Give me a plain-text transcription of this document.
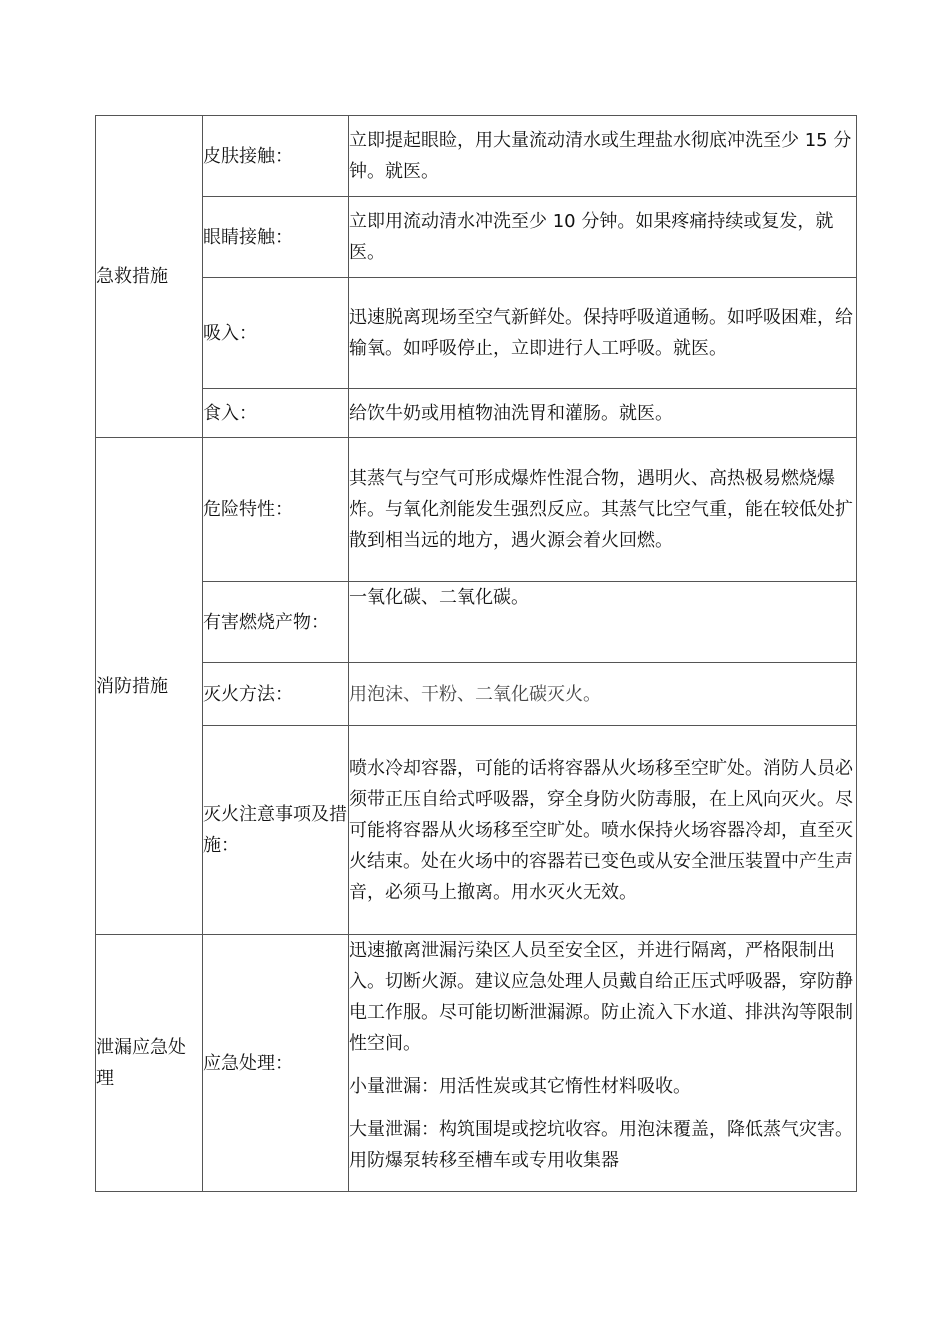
急救措施	皮肤接触：	立即提起眼睑，用大量流动清水或生理盐水彻底冲洗至少 15 分钟。就医。
	眼睛接触：	立即用流动清水冲洗至少 10 分钟。如果疼痛持续或复发，就医。
	吸入：	迅速脱离现场至空气新鲜处。保持呼吸道通畅。如呼吸困难，给输氧。如呼吸停止，立即进行人工呼吸。就医。
	食入：	给饮牛奶或用植物油洗胃和灌肠。就医。
消防措施	危险特性：	其蒸气与空气可形成爆炸性混合物，遇明火、高热极易燃烧爆炸。与氧化剂能发生强烈反应。其蒸气比空气重，能在较低处扩散到相当远的地方，遇火源会着火回燃。
	有害燃烧产物：	一氧化碳、二氧化碳。
	灭火方法：	用泡沫、干粉、二氧化碳灭火。
	灭火注意事项及措施：	喷水冷却容器，可能的话将容器从火场移至空旷处。消防人员必须带正压自给式呼吸器，穿全身防火防毒服，在上风向灭火。尽可能将容器从火场移至空旷处。喷水保持火场容器冷却，直至灭火结束。处在火场中的容器若已变色或从安全泄压装置中产生声音，必须马上撤离。用水灭火无效。
泄漏应急处理	应急处理：	迅速撤离泄漏污染区人员至安全区，并进行隔离，严格限制出入。切断火源。建议应急处理人员戴自给正压式呼吸器，穿防静电工作服。尽可能切断泄漏源。防止流入下水道、排洪沟等限制性空间。

小量泄漏：用活性炭或其它惰性材料吸收。

大量泄漏：构筑围堤或挖坑收容。用泡沫覆盖，降低蒸气灾害。用防爆泵转移至槽车或专用收集器
